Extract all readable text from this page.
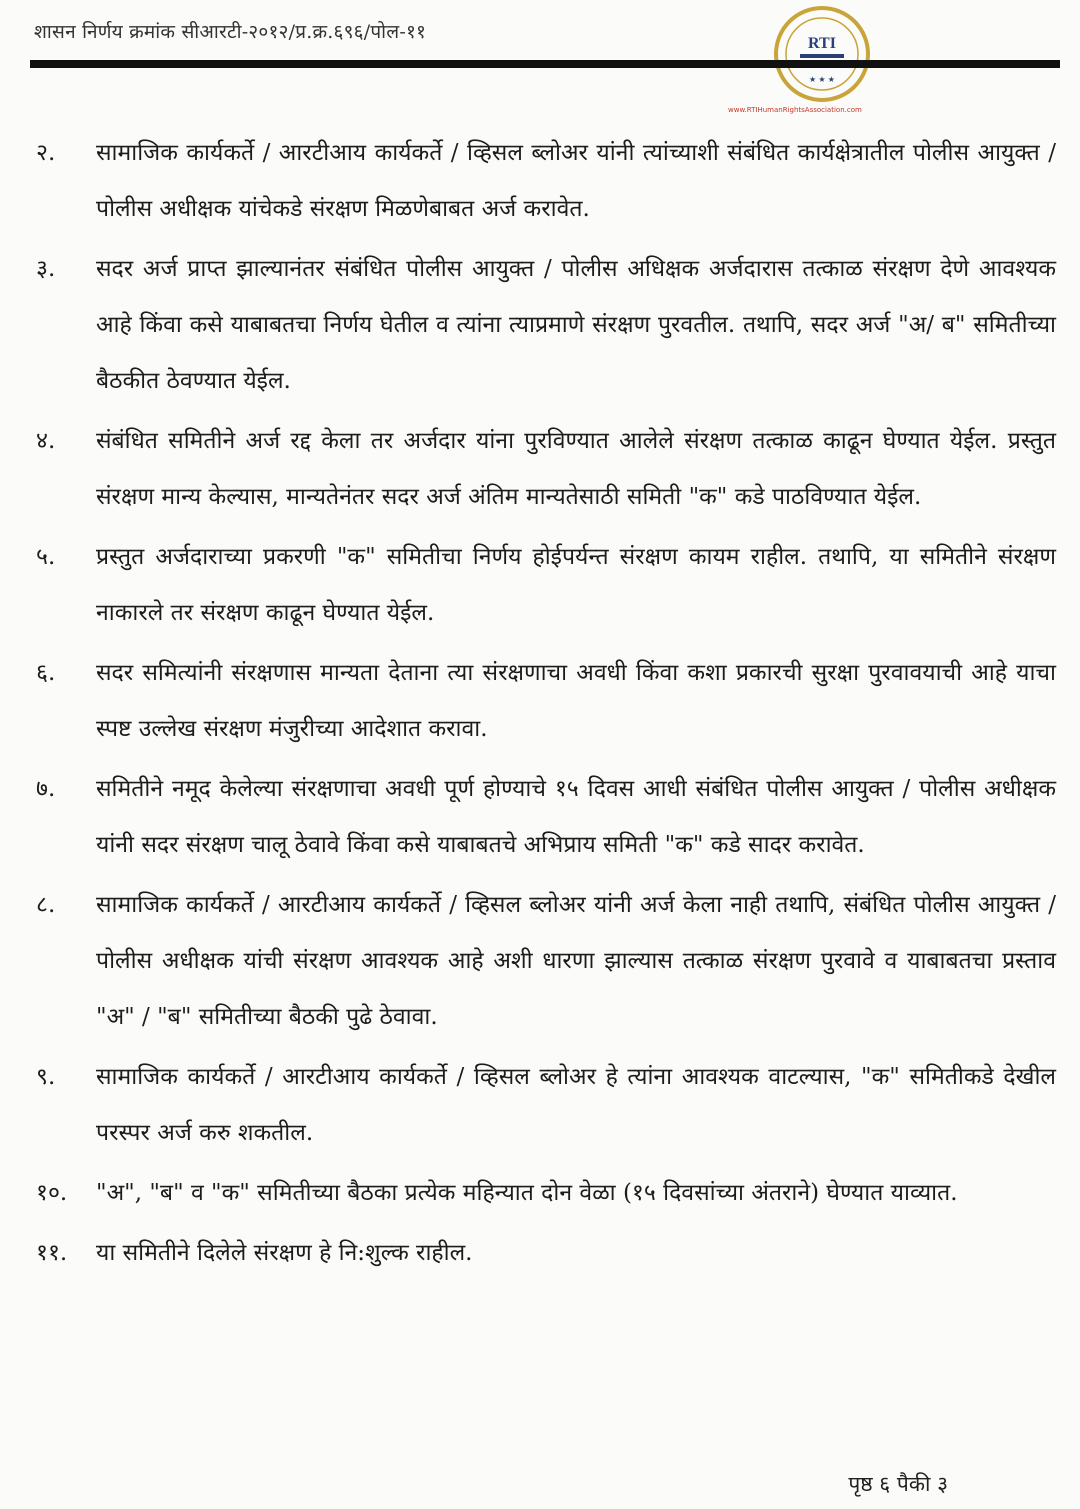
शासन निर्णय क्रमांक सीआरटी-२०१२/प्र.क्र.६९६/पोल-११
RTI
★ ★ ★
www.RTIHumanRightsAssociation.com
२. सामाजिक कार्यकर्ते / आरटीआय कार्यकर्ते / व्हिसल ब्लोअर यांनी त्यांच्याशी संबंधित कार्यक्षेत्रातील पोलीस आयुक्त / पोलीस अधीक्षक यांचेकडे संरक्षण मिळणेबाबत अर्ज करावेत.
३. सदर अर्ज प्राप्त झाल्यानंतर संबंधित पोलीस आयुक्त / पोलीस अधिक्षक अर्जदारास तत्काळ संरक्षण देणे आवश्यक आहे किंवा कसे याबाबतचा निर्णय घेतील व त्यांना त्याप्रमाणे संरक्षण पुरवतील. तथापि, सदर अर्ज "अ/ ब" समितीच्या बैठकीत ठेवण्यात येईल.
४. संबंधित समितीने अर्ज रद्द केला तर अर्जदार यांना पुरविण्यात आलेले संरक्षण तत्काळ काढून घेण्यात येईल. प्रस्तुत संरक्षण मान्य केल्यास, मान्यतेनंतर सदर अर्ज अंतिम मान्यतेसाठी समिती "क" कडे पाठविण्यात येईल.
५. प्रस्तुत अर्जदाराच्या प्रकरणी "क" समितीचा निर्णय होईपर्यन्त संरक्षण कायम राहील. तथापि, या समितीने संरक्षण नाकारले तर संरक्षण काढून घेण्यात येईल.
६. सदर समित्यांनी संरक्षणास मान्यता देताना त्या संरक्षणाचा अवधी किंवा कशा प्रकारची सुरक्षा पुरवावयाची आहे याचा स्पष्ट उल्लेख संरक्षण मंजुरीच्या आदेशात करावा.
७. समितीने नमूद केलेल्या संरक्षणाचा अवधी पूर्ण होण्याचे १५ दिवस आधी संबंधित पोलीस आयुक्त / पोलीस अधीक्षक यांनी सदर संरक्षण चालू ठेवावे किंवा कसे याबाबतचे अभिप्राय समिती "क" कडे सादर करावेत.
८. सामाजिक कार्यकर्ते / आरटीआय कार्यकर्ते / व्हिसल ब्लोअर यांनी अर्ज केला नाही तथापि, संबंधित पोलीस आयुक्त / पोलीस अधीक्षक यांची संरक्षण आवश्यक आहे अशी धारणा झाल्यास तत्काळ संरक्षण पुरवावे व याबाबतचा प्रस्ताव "अ" / "ब" समितीच्या बैठकी पुढे ठेवावा.
९. सामाजिक कार्यकर्ते / आरटीआय कार्यकर्ते / व्हिसल ब्लोअर हे त्यांना आवश्यक वाटल्यास, "क" समितीकडे देखील परस्पर अर्ज करु शकतील.
१०. "अ", "ब" व "क" समितीच्या बैठका प्रत्येक महिन्यात दोन वेळा (१५ दिवसांच्या अंतराने) घेण्यात याव्यात.
११. या समितीने दिलेले संरक्षण हे नि:शुल्क राहील.
पृष्ठ ६ पैकी ३
